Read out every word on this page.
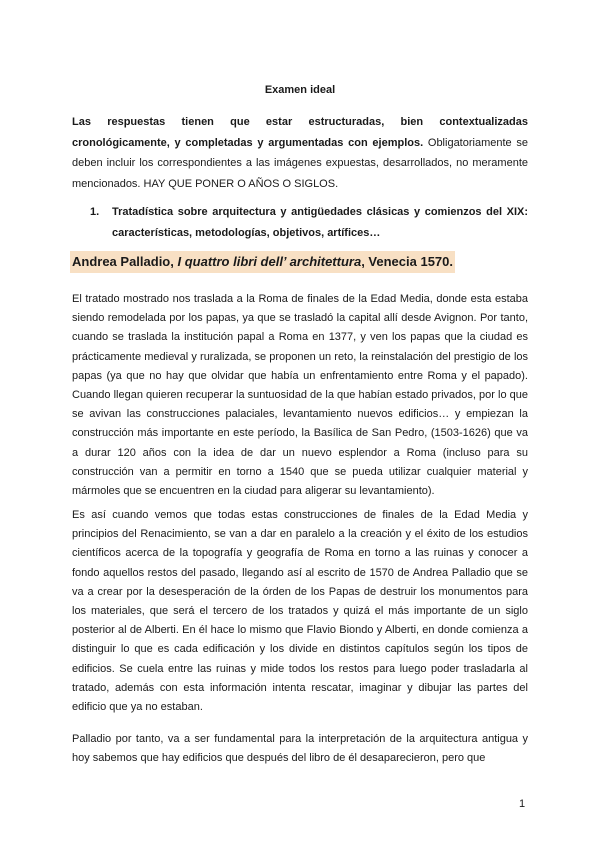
Examen ideal
Las respuestas tienen que estar estructuradas, bien contextualizadas cronológicamente, y completadas y argumentadas con ejemplos. Obligatoriamente se deben incluir los correspondientes a las imágenes expuestas, desarrollados, no meramente mencionados. HAY QUE PONER O AÑOS O SIGLOS.
1.	Tratadística sobre arquitectura y antigüedades clásicas y comienzos del XIX: características, metodologías, objetivos, artífices…
Andrea Palladio, I quattro libri dell’ architettura, Venecia 1570.
El tratado mostrado nos traslada a la Roma de finales de la Edad Media, donde esta estaba siendo remodelada por los papas, ya que se trasladó la capital allí desde Avignon. Por tanto, cuando se traslada la institución papal a Roma en 1377, y ven los papas que la ciudad es prácticamente medieval y ruralizada, se proponen un reto, la reinstalación del prestigio de los papas (ya que no hay que olvidar que había un enfrentamiento entre Roma y el papado). Cuando llegan quieren recuperar la suntuosidad de la que habían estado privados, por lo que se avivan las construcciones palaciales, levantamiento nuevos edificios… y empiezan la construcción más importante en este período, la Basílica de San Pedro, (1503-1626) que va a durar 120 años con la idea de dar un nuevo esplendor a Roma (incluso para su construcción van a permitir en torno a 1540 que se pueda utilizar cualquier material y mármoles que se encuentren en la ciudad para aligerar su levantamiento).
Es así cuando vemos que todas estas construcciones de finales de la Edad Media y principios del Renacimiento, se van a dar en paralelo a la creación y el éxito de los estudios científicos acerca de la topografía y geografía de Roma en torno a las ruinas y conocer a fondo aquellos restos del pasado, llegando así al escrito de 1570 de Andrea Palladio que se va a crear por la desesperación de la órden de los Papas de destruir los monumentos para los materiales, que será el tercero de los tratados y quizá el más importante de un siglo posterior al de Alberti. En él hace lo mismo que Flavio Biondo y Alberti, en donde comienza a distinguir lo que es cada edificación y los divide en distintos capítulos según los tipos de edificios. Se cuela entre las ruinas y mide todos los restos para luego poder trasladarla al tratado, además con esta información intenta rescatar, imaginar y dibujar las partes del edificio que ya no estaban.
Palladio por tanto, va a ser fundamental para la interpretación de la arquitectura antigua y hoy sabemos que hay edificios que después del libro de él desaparecieron, pero que
1
